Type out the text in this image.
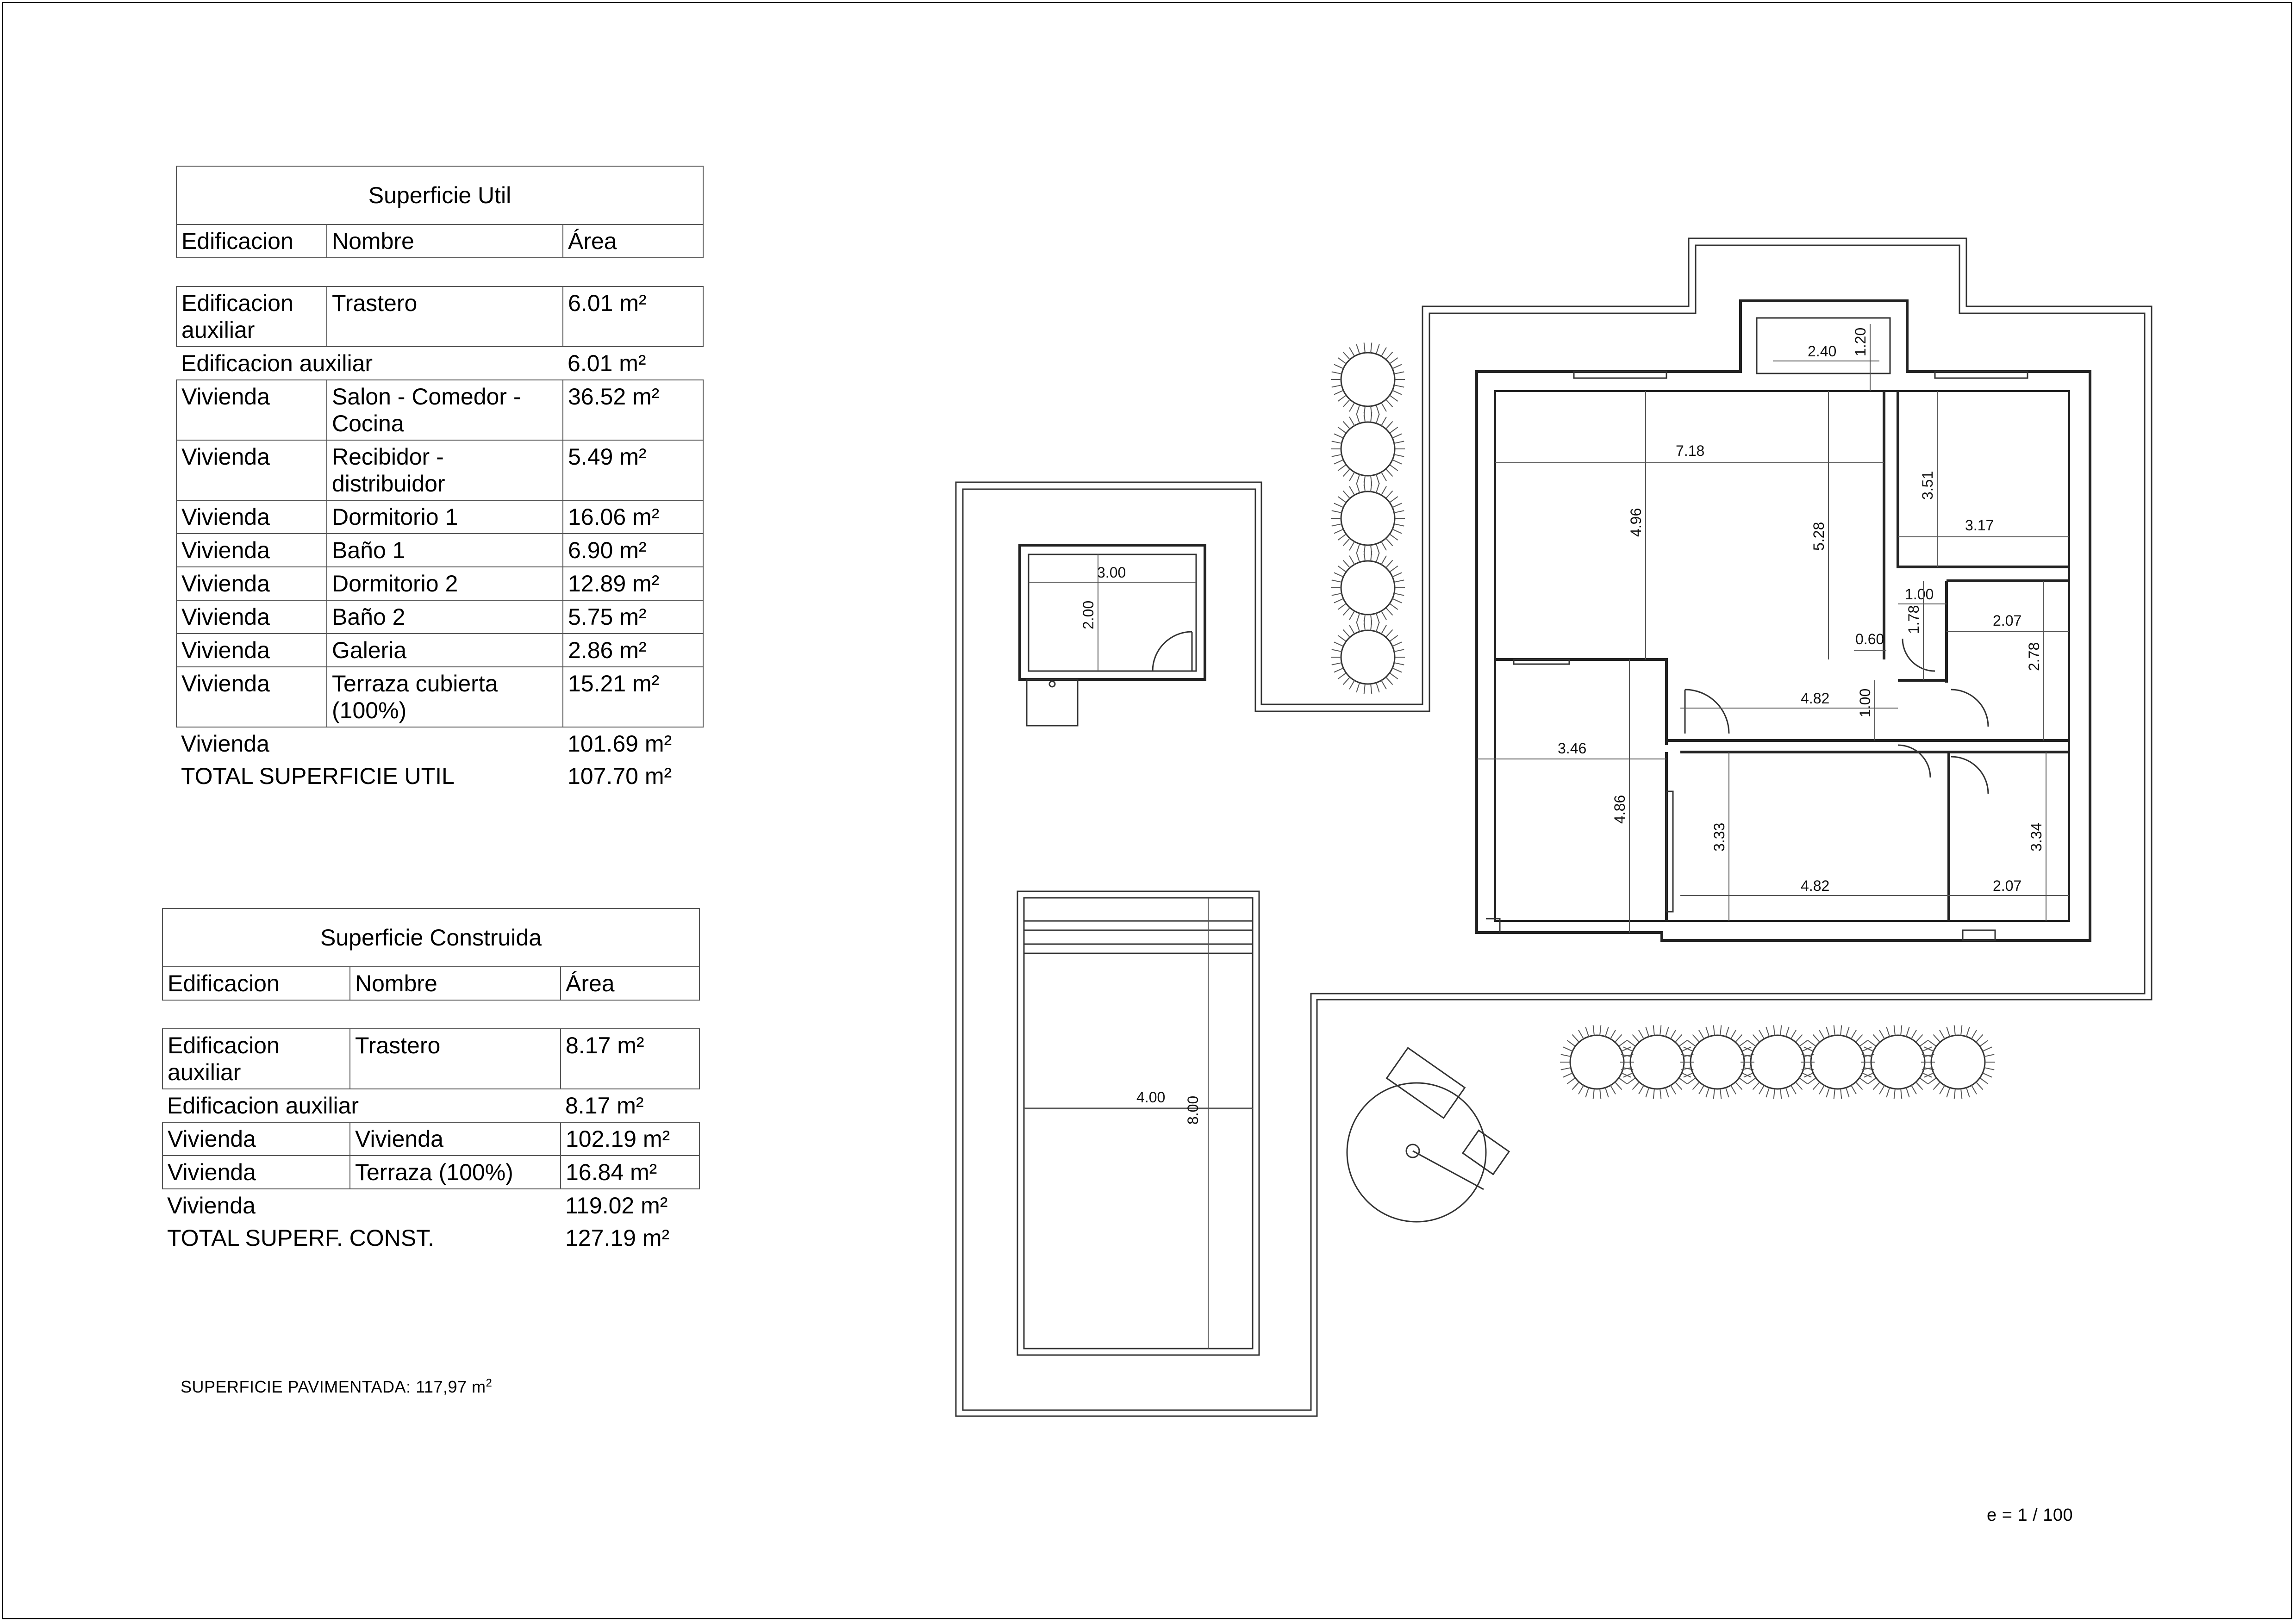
Superficie Util		
Edificacion	Nombre	Área

Edificacion auxiliar	Trastero	6.01 m²
Edificacion auxiliar		6.01 m²
Vivienda	Salon - Comedor - Cocina	36.52 m²
Vivienda	Recibidor - distribuidor	5.49 m²
Vivienda	Dormitorio 1	16.06 m²
Vivienda	Baño 1	6.90 m²
Vivienda	Dormitorio 2	12.89 m²
Vivienda	Baño 2	5.75 m²
Vivienda	Galeria	2.86 m²
Vivienda	Terraza cubierta (100%)	15.21 m²
Vivienda		101.69 m²
TOTAL SUPERFICIE UTIL		107.70 m²
Superficie Construida		
Edificacion	Nombre	Área

Edificacion auxiliar	Trastero	8.17 m²
Edificacion auxiliar		8.17 m²
Vivienda	Vivienda	102.19 m²
Vivienda	Terraza (100%)	16.84 m²
Vivienda		119.02 m²
TOTAL SUPERF. CONST.		127.19 m²
SUPERFICIE PAVIMENTADA: 117,97 $m^2$
e = 1 / 100
4.00 8.00
3.00
2.00
7.18
4.96	5.28
2.40 1.20
3.51
3.17
1.00
1.78
0.60
2.07
2.78
4.82 1.00
3.46
4.86
3.33
4.82	2.07
3.34
